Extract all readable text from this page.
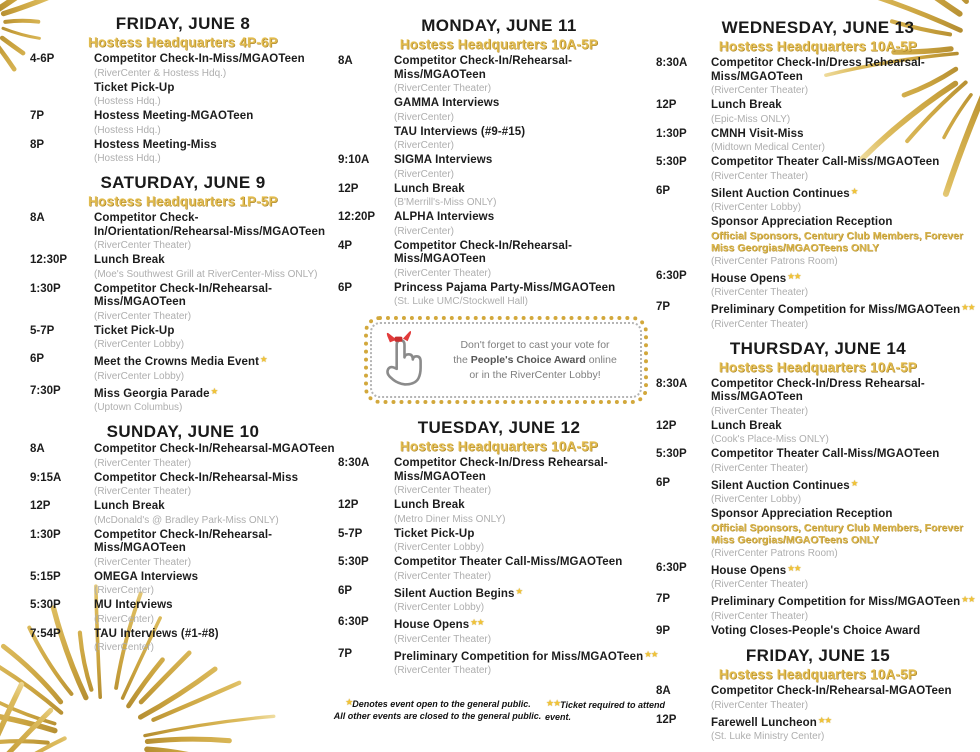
FRIDAY, JUNE 8
Hostess Headquarters 4P-6P
4-6P	Competitor Check-In-Miss/MGAOTeen
(RiverCenter & Hostess Hdq.)
Ticket Pick-Up
(Hostess Hdq.)
7P	Hostess Meeting-MGAOTeen
(Hostess Hdq.)
8P	Hostess Meeting-Miss
(Hostess Hdq.)
SATURDAY, JUNE 9
Hostess Headquarters 1P-5P
8A	Competitor Check-In/Orientation/Rehearsal-Miss/MGAOTeen
(RiverCenter Theater)
12:30P	Lunch Break
(Moe's Southwest Grill at RiverCenter-Miss ONLY)
1:30P	Competitor Check-In/Rehearsal-Miss/MGAOTeen
(RiverCenter Theater)
5-7P	Ticket Pick-Up
(RiverCenter Lobby)
6P	Meet the Crowns Media Event★
(RiverCenter Lobby)
7:30P	Miss Georgia Parade★
(Uptown Columbus)
SUNDAY, JUNE 10
8A	Competitor Check-In/Rehearsal-MGAOTeen
(RiverCenter Theater)
9:15A	Competitor Check-In/Rehearsal-Miss
(RiverCenter Theater)
12P	Lunch Break
(McDonald's @ Bradley Park-Miss ONLY)
1:30P	Competitor Check-In/Rehearsal-Miss/MGAOTeen
(RiverCenter Theater)
5:15P	OMEGA Interviews
(RiverCenter)
5:30P	MU Interviews
(RiverCenter)
7:54P	TAU Interviews (#1-#8)
(RiverCenter)
MONDAY, JUNE 11
Hostess Headquarters 10A-5P
8A	Competitor Check-In/Rehearsal-Miss/MGAOTeen
(RiverCenter Theater)
GAMMA Interviews
(RiverCenter)
TAU Interviews (#9-#15)
(RiverCenter)
9:10A	SIGMA Interviews
(RiverCenter)
12P	Lunch Break
(B'Merrill's-Miss ONLY)
12:20P	ALPHA Interviews
(RiverCenter)
4P	Competitor Check-In/Rehearsal-Miss/MGAOTeen
(RiverCenter Theater)
6P	Princess Pajama Party-Miss/MGAOTeen
(St. Luke UMC/Stockwell Hall)
Don't forget to cast your vote for
the People's Choice Award online
or in the RiverCenter Lobby!
TUESDAY, JUNE 12
Hostess Headquarters 10A-5P
8:30A	Competitor Check-In/Dress Rehearsal-Miss/MGAOTeen
(RiverCenter Theater)
12P	Lunch Break
(Metro Diner Miss ONLY)
5-7P	Ticket Pick-Up
(RiverCenter Lobby)
5:30P	Competitor Theater Call-Miss/MGAOTeen
(RiverCenter Theater)
6P	Silent Auction Begins★
(RiverCenter Lobby)
6:30P	House Opens★★
(RiverCenter Theater)
7P	Preliminary Competition for Miss/MGAOTeen★★
(RiverCenter Theater)
WEDNESDAY, JUNE 13
Hostess Headquarters 10A-5P
8:30A	Competitor Check-In/Dress Rehearsal-Miss/MGAOTeen
(RiverCenter Theater)
12P	Lunch Break
(Epic-Miss ONLY)
1:30P	CMNH Visit-Miss
(Midtown Medical Center)
5:30P	Competitor Theater Call-Miss/MGAOTeen
(RiverCenter Theater)
6P	Silent Auction Continues★
(RiverCenter Lobby)
Sponsor Appreciation Reception
Official Sponsors, Century Club Members, Forever Miss Georgias/MGAOTeens ONLY
(RiverCenter Patrons Room)
6:30P	House Opens★★
(RiverCenter Theater)
7P	Preliminary Competition for Miss/MGAOTeen★★
(RiverCenter Theater)
THURSDAY, JUNE 14
Hostess Headquarters 10A-5P
8:30A	Competitor Check-In/Dress Rehearsal-Miss/MGAOTeen
(RiverCenter Theater)
12P	Lunch Break
(Cook's Place-Miss ONLY)
5:30P	Competitor Theater Call-Miss/MGAOTeen
(RiverCenter Theater)
6P	Silent Auction Continues★
(RiverCenter Lobby)
Sponsor Appreciation Reception
Official Sponsors, Century Club Members, Forever Miss Georgias/MGAOTeens ONLY
(RiverCenter Patrons Room)
6:30P	House Opens★★
(RiverCenter Theater)
7P	Preliminary Competition for Miss/MGAOTeen★★
(RiverCenter Theater)
9P	Voting Closes-People's Choice Award
FRIDAY, JUNE 15
Hostess Headquarters 10A-5P
8A	Competitor Check-In/Rehearsal-MGAOTeen
(RiverCenter Theater)
12P	Farewell Luncheon★★
(St. Luke Ministry Center)
★Denotes event open to the general public.
All other events are closed to the general public.
★★Ticket required to attend event.
